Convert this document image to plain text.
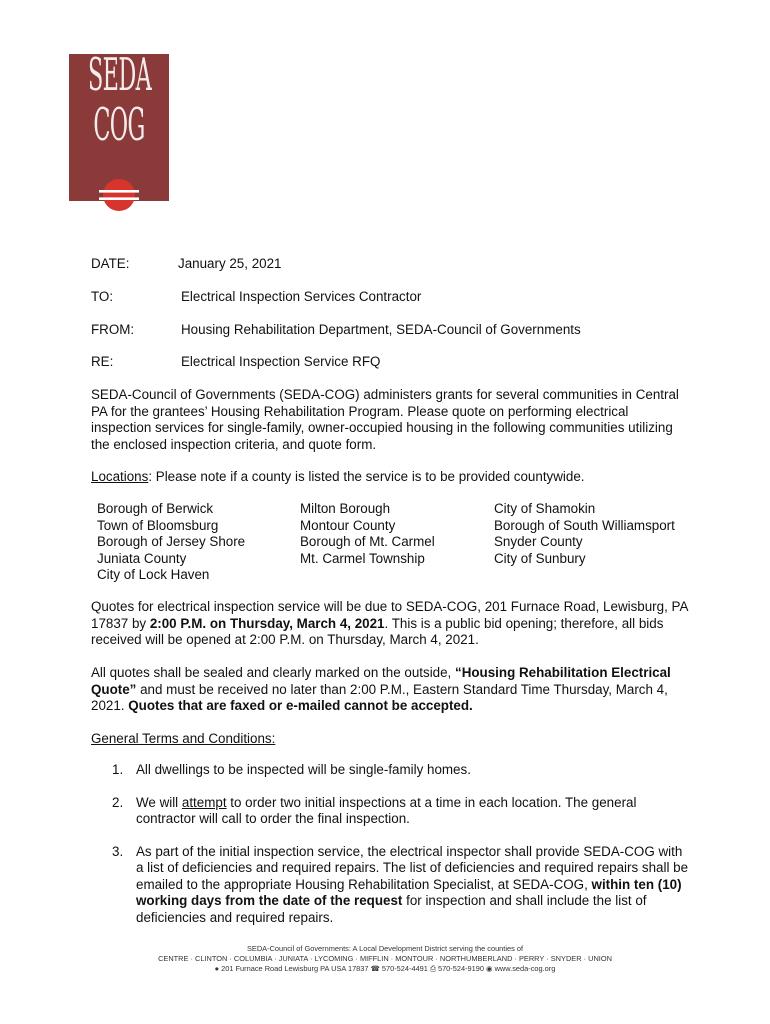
SEDA
COG
DATE:	January 25, 2021
TO:	Electrical Inspection Services Contractor
FROM:	Housing Rehabilitation Department, SEDA-Council of Governments
RE:	Electrical Inspection Service RFQ
SEDA-Council of Governments (SEDA-COG) administers grants for several communities in Central PA for the grantees’ Housing Rehabilitation Program. Please quote on performing electrical inspection services for single-family, owner-occupied housing in the following communities utilizing the enclosed inspection criteria, and quote form.
Locations: Please note if a county is listed the service is to be provided countywide.
Borough of Berwick
Town of Bloomsburg
Borough of Jersey Shore
Juniata County
City of Lock Haven
Milton Borough
Montour County
Borough of Mt. Carmel
Mt. Carmel Township
City of Shamokin
Borough of South Williamsport
Snyder County
City of Sunbury
Quotes for electrical inspection service will be due to SEDA-COG, 201 Furnace Road, Lewisburg, PA 17837 by 2:00 P.M. on Thursday, March 4, 2021. This is a public bid opening; therefore, all bids received will be opened at 2:00 P.M. on Thursday, March 4, 2021.
All quotes shall be sealed and clearly marked on the outside, “Housing Rehabilitation Electrical Quote” and must be received no later than 2:00 P.M., Eastern Standard Time Thursday, March 4, 2021. Quotes that are faxed or e-mailed cannot be accepted.
General Terms and Conditions:
1. All dwellings to be inspected will be single-family homes.
2. We will attempt to order two initial inspections at a time in each location. The general contractor will call to order the final inspection.
3. As part of the initial inspection service, the electrical inspector shall provide SEDA-COG with a list of deficiencies and required repairs. The list of deficiencies and required repairs shall be emailed to the appropriate Housing Rehabilitation Specialist, at SEDA-COG, within ten (10) working days from the date of the request for inspection and shall include the list of deficiencies and required repairs.
SEDA-Council of Governments: A Local Development District serving the counties of
CENTRE · CLINTON · COLUMBIA · JUNIATA · LYCOMING · MIFFLIN · MONTOUR · NORTHUMBERLAND · PERRY · SNYDER · UNION
● 201 Furnace Road Lewisburg PA USA 17837 ☎ 570-524-4491 ⎙ 570-524-9190 ◉ www.seda-cog.org
